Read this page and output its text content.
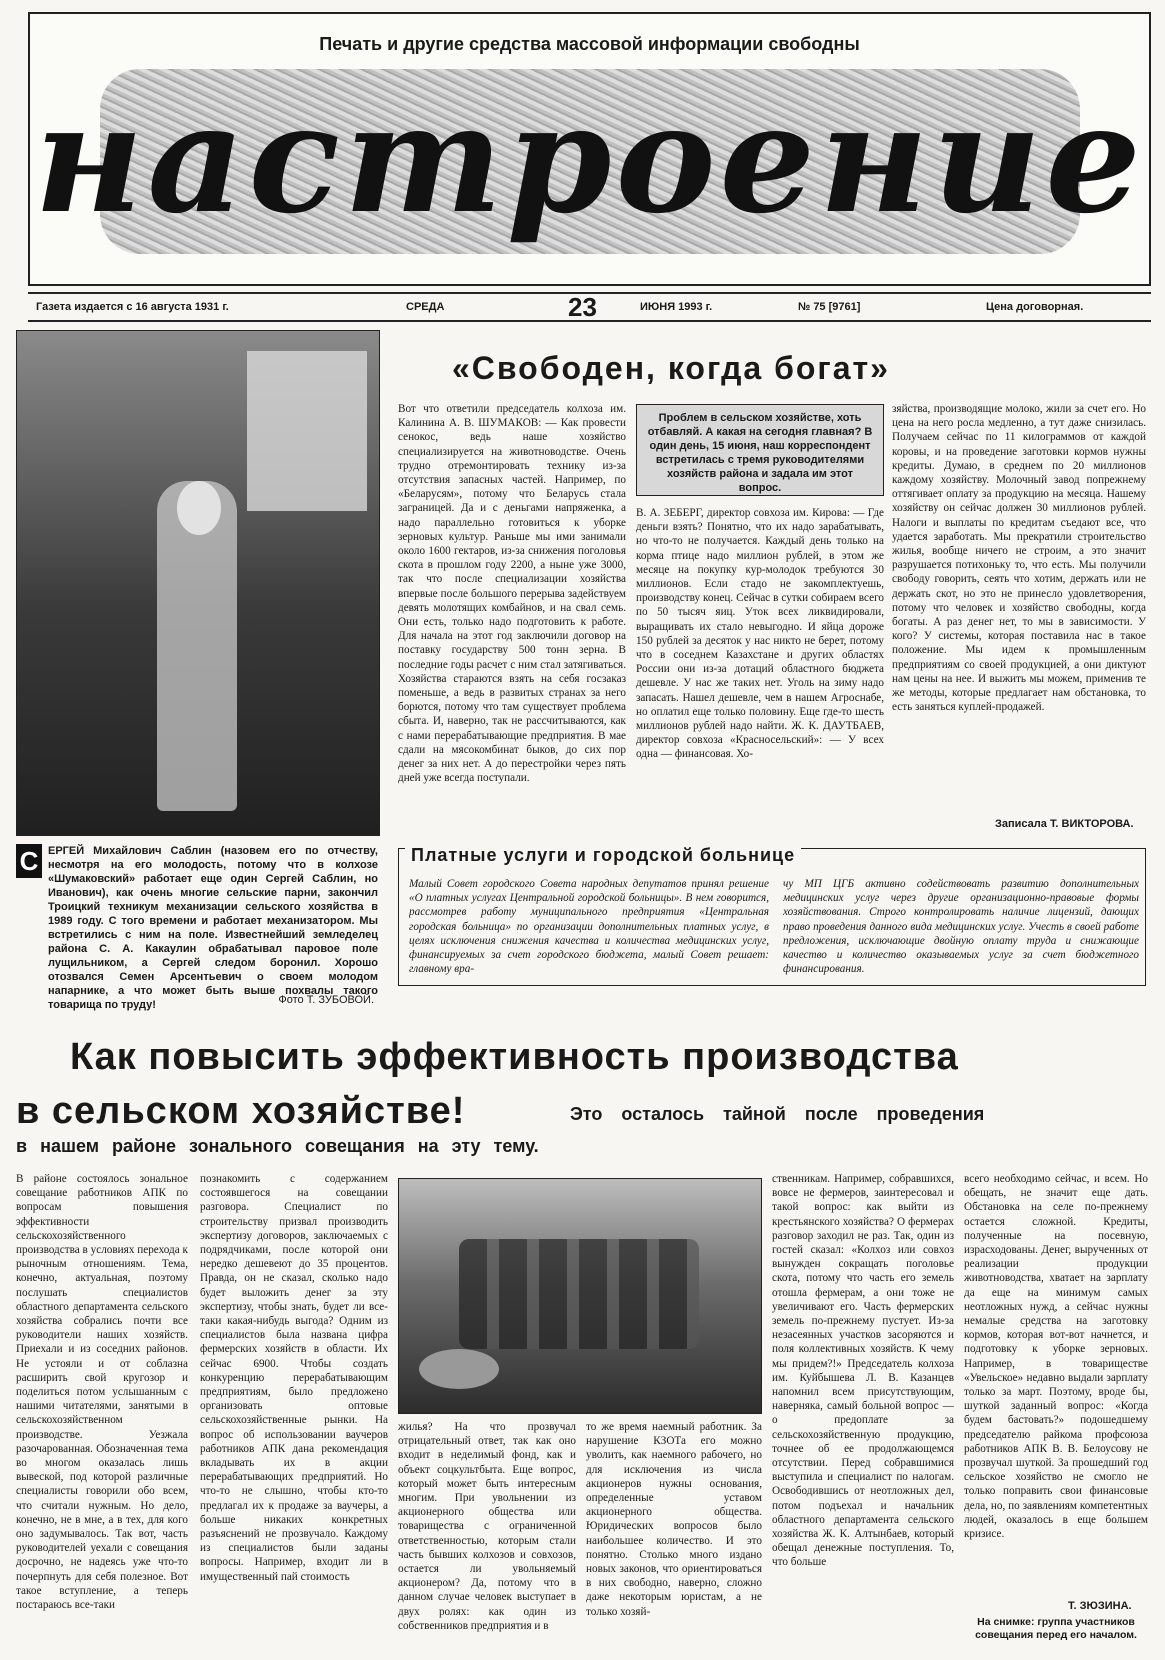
Печать и другие средства массовой информации свободны
настроение
Газета издается с 16 августа 1931 г.	СРЕДА	23	ИЮНЯ 1993 г.	№ 75 [9761]	Цена договорная.
С ЕРГЕЙ Михайлович Саблин (назовем его по отчеству, несмотря на его молодость, потому что в колхозе «Шумаковский» работает еще один Сергей Саблин, но Иванович), как очень многие сельские парни, закончил Троицкий техникум механизации сельского хозяйства в 1989 году. С того времени и работает механизатором. Мы встретились с ним на поле. Известнейший земледелец района С. А. Какаулин обрабатывал паровое поле лущильником, а Сергей следом боронил. Хорошо отозвался Семен Арсентьевич о своем молодом напарнике, а что может быть выше похвалы такого товарища по труду!	Фото Т. ЗУБОВОЙ.
«Свободен, когда богат»
Вот что ответили председатель колхоза им. Калинина А. В. ШУМАКОВ: — Как провести сенокос, ведь наше хозяйство специализируется на животноводстве. Очень трудно отремонтировать технику из-за отсутствия запасных частей. Например, по «Беларусям», потому что Беларусь стала заграницей. Да и с деньгами напряженка, а надо параллельно готовиться к уборке зерновых культур. Раньше мы ими занимали около 1600 гектаров, из-за снижения поголовья скота в прошлом году 2200, а ныне уже 3000, так что после специализации хозяйства впервые после большого перерыва задействуем девять молотящих комбайнов, и на свал семь. Они есть, только надо подготовить к работе. Для начала на этот год заключили договор на поставку государству 500 тонн зерна. В последние годы расчет с ним стал затягиваться. Хозяйства стараются взять на себя госзаказ поменьше, а ведь в развитых странах за него борются, потому что там существует проблема сбыта. И, наверно, так не рассчитываются, как с нами перерабатывающие предприятия. В мае сдали на мясокомбинат быков, до сих пор денег за них нет. А до перестройки через пять дней уже всегда поступали.
Проблем в сельском хозяйстве, хоть отбавляй. А какая на сегодня главная? В один день, 15 июня, наш корреспондент встретилась с тремя руководителями хозяйств района и задала им этот вопрос.
В. А. ЗЕБЕРГ, директор совхоза им. Кирова: — Где деньги взять? Понятно, что их надо зарабатывать, но что-то не получается. Каждый день только на корма птице надо миллион рублей, в этом же месяце на покупку кур-молодок требуются 30 миллионов. Если стадо не закомплектуешь, производству конец. Сейчас в сутки собираем всего по 50 тысяч яиц. Уток всех ликвидировали, выращивать их стало невыгодно. И яйца дороже 150 рублей за десяток у нас никто не берет, потому что в соседнем Казахстане и других областях России они из-за дотаций областного бюджета дешевле. У нас же таких нет. Уголь на зиму надо запасать. Нашел дешевле, чем в нашем Агроснабе, но оплатил еще только половину. Еще где-то шесть миллионов рублей надо найти. Ж. К. ДАУТБАЕВ, директор совхоза «Красносельский»: — У всех одна — финансовая. Хо-
зяйства, производящие молоко, жили за счет его. Но цена на него росла медленно, а тут даже снизилась. Получаем сейчас по 11 килограммов от каждой коровы, и на проведение заготовки кормов нужны кредиты. Думаю, в среднем по 20 миллионов каждому хозяйству. Молочный завод попрежнему оттягивает оплату за продукцию на месяца. Нашему хозяйству он сейчас должен 30 миллионов рублей. Налоги и выплаты по кредитам съедают все, что удается заработать. Мы прекратили строительство жилья, вообще ничего не строим, а это значит разрушается потихоньку то, что есть. Мы получили свободу говорить, сеять что хотим, держать или не держать скот, но это не принесло удовлетворения, потому что человек и хозяйство свободны, когда богаты. А раз денег нет, то мы в зависимости. У кого? У системы, которая поставила нас в такое положение. Мы идем к промышленным предприятиям со своей продукцией, а они диктуют нам цены на нее. И выжить мы можем, применив те же методы, которые предлагает нам обстановка, то есть заняться куплей-продажей.
Записала Т. ВИКТОРОВА.
Платные услуги и городской больнице
Малый Совет городского Совета народных депутатов принял решение «О платных услугах Центральной городской больницы». В нем говорится, рассмотрев работу муниципального предприятия «Центральная городская больница» по организации дополнительных платных услуг, в целях исключения снижения качества и количества медицинских услуг, финансируемых за счет городского бюджета, малый Совет решает: главному вра-
чу МП ЦГБ активно содействовать развитию дополнительных медицинских услуг через другие организационно-правовые формы хозяйствования. Строго контролировать наличие лицензий, дающих право проведения данного вида медицинских услуг. Учесть в своей работе предложения, исключающие двойную оплату труда и снижающие качество и количество оказываемых услуг за счет бюджетного финансирования.
Как повысить эффективность производства
в сельском хозяйстве!	Это осталось тайной после проведения
в нашем районе зонального совещания на эту тему.
В районе состоялось зональное совещание работников АПК по вопросам повышения эффективности сельскохозяйственного производства в условиях перехода к рыночным отношениям. Тема, конечно, актуальная, поэтому послушать специалистов областного департамента сельского хозяйства собрались почти все руководители наших хозяйств. Приехали и из соседних районов. Не устояли и от соблазна расширить свой кругозор и поделиться потом услышанным с нашими читателями, занятыми в сельскохозяйственном производстве. Уезжала разочарованная. Обозначенная тема во многом оказалась лишь вывеской, под которой различные специалисты говорили обо всем, что считали нужным. Но дело, конечно, не в мне, а в тех, для кого оно задумывалось. Так вот, часть руководителей уехали с совещания досрочно, не надеясь уже что-то почерпнуть для себя полезное. Вот такое вступление, а теперь постараюсь все-таки
познакомить с содержанием состоявшегося на совещании разговора. Специалист по строительству призвал производить экспертизу договоров, заключаемых с подрядчиками, после которой они нередко дешевеют до 35 процентов. Правда, он не сказал, сколько надо будет выложить денег за эту экспертизу, чтобы знать, будет ли все-таки какая-нибудь выгода? Одним из специалистов была названа цифра фермерских хозяйств в области. Их сейчас 6900. Чтобы создать конкуренцию перерабатывающим предприятиям, было предложено организовать оптовые сельскохозяйственные рынки. На вопрос об использовании ваучеров работников АПК дана рекомендация вкладывать их в акции перерабатывающих предприятий. Но что-то не слышно, чтобы кто-то предлагал их к продаже за ваучеры, а больше никаких конкретных разъяснений не прозвучало. Каждому из специалистов были заданы вопросы. Например, входит ли в имущественный пай стоимость
жилья? На что прозвучал отрицательный ответ, так как оно входит в неделимый фонд, как и объект соцкультбыта. Еще вопрос, который может быть интересным многим. При увольнении из акционерного общества или товарищества с ограниченной ответственностью, которым стали часть бывших колхозов и совхозов, остается ли увольняемый акционером? Да, потому что в данном случае человек выступает в двух ролях: как один из собственников предприятия и в
то же время наемный работник. За нарушение КЗОТа его можно уволить, как наемного рабочего, но для исключения из числа акционеров нужны основания, определенные уставом акционерного общества. Юридических вопросов было наибольшее количество. И это понятно. Столько много издано новых законов, что ориентироваться в них свободно, наверно, сложно даже некоторым юристам, а не только хозяй-
ственникам. Например, собравшихся, вовсе не фермеров, заинтересовал и такой вопрос: как выйти из крестьянского хозяйства? О фермерах разговор заходил не раз. Так, один из гостей сказал: «Колхоз или совхоз вынужден сокращать поголовье скота, потому что часть его земель отошла фермерам, а они тоже не увеличивают его. Часть фермерских земель по-прежнему пустует. Из-за незасеянных участков засоряются и поля коллективных хозяйств. К чему мы придем?!» Председатель колхоза им. Куйбышева Л. В. Казанцев напомнил всем присутствующим, наверняка, самый больной вопрос — о предоплате за сельскохозяйственную продукцию, точнее об ее продолжающемся отсутствии. Перед собравшимися выступила и специалист по налогам. Освободившись от неотложных дел, потом подъехал и начальник областного департамента сельского хозяйства Ж. К. Алтынбаев, который обещал денежные поступления. То, что больше
всего необходимо сейчас, и всем. Но обещать, не значит еще дать. Обстановка на селе по-прежнему остается сложной. Кредиты, полученные на посевную, израсходованы. Денег, вырученных от реализации продукции животноводства, хватает на зарплату да еще на минимум самых неотложных нужд, а сейчас нужны немалые средства на заготовку кормов, которая вот-вот начнется, и подготовку к уборке зерновых. Например, в товариществе «Увельское» недавно выдали зарплату только за март. Поэтому, вроде бы, шуткой заданный вопрос: «Когда будем бастовать?» подошедшему председателю райкома профсоюза работников АПК В. В. Белоусову не прозвучал шуткой. За прошедший год сельское хозяйство не смогло не только поправить свои финансовые дела, но, по заявлениям компетентных людей, оказалось в еще большем кризисе.
Т. ЗЮЗИНА.
На снимке: группа участников совещания перед его началом.
